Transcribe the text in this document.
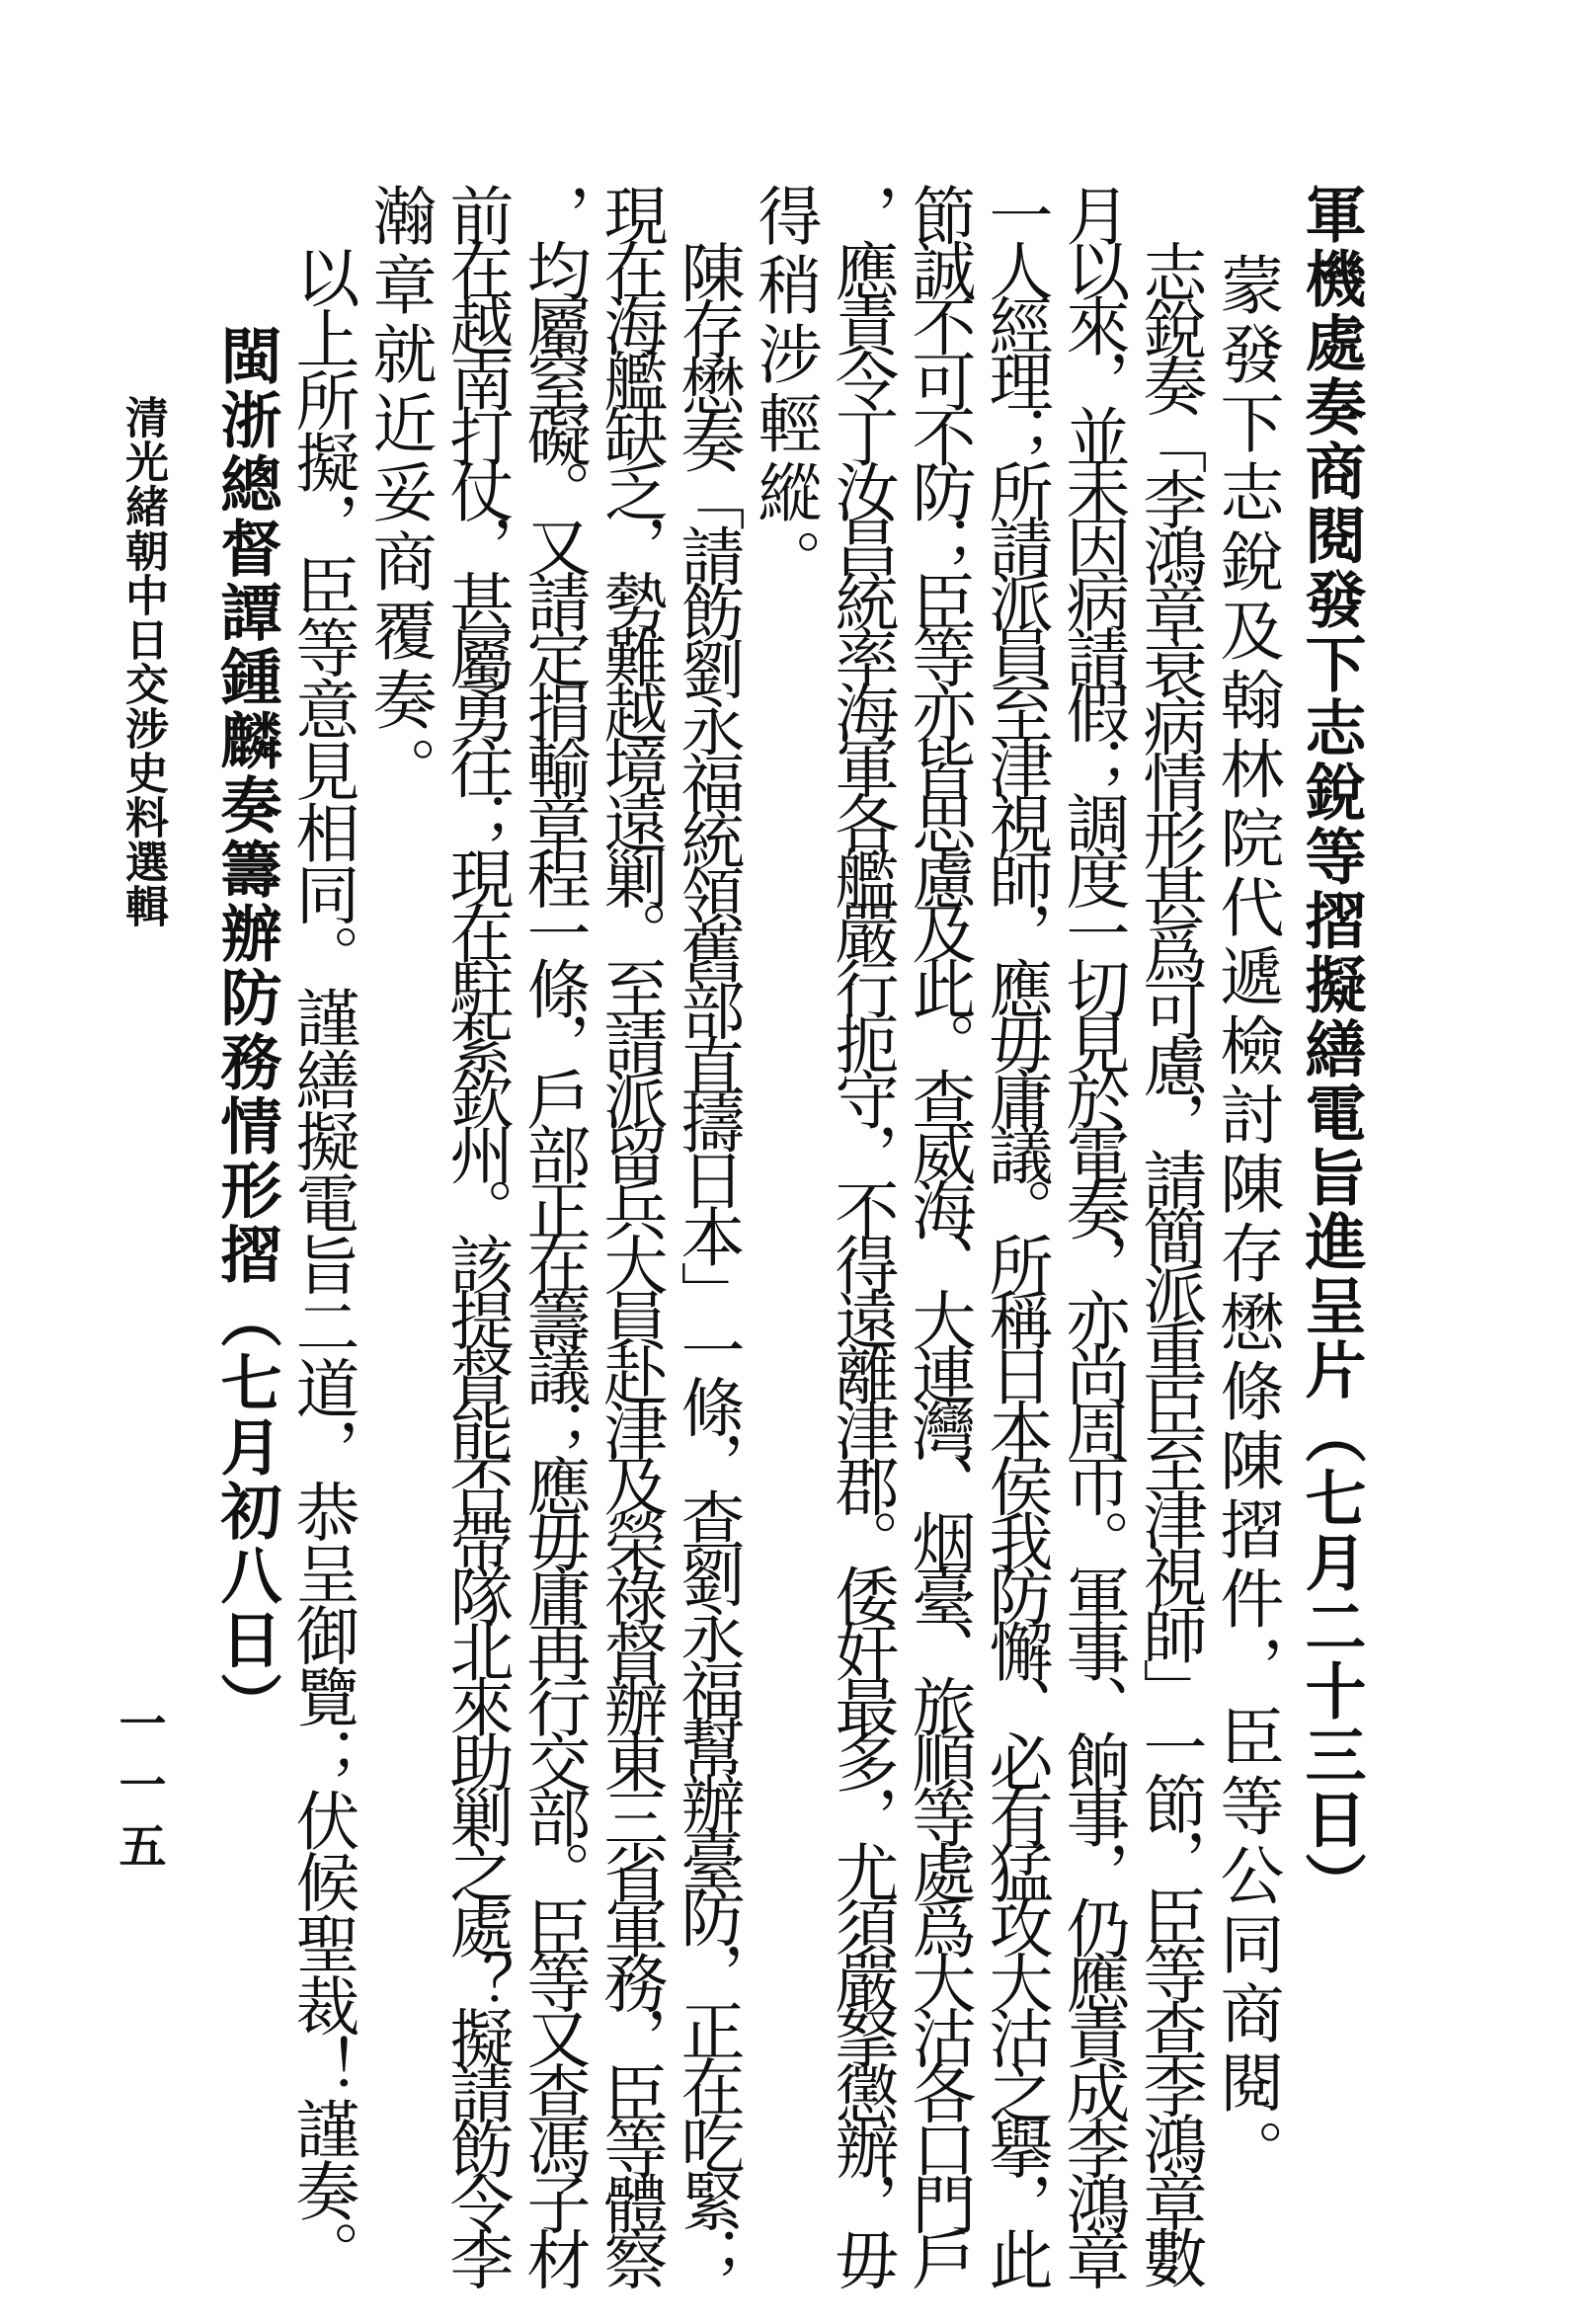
軍機處奏商閱發下志銳等摺擬繕電旨進呈片（七月二十三日）
　蒙發下志銳及翰林院代遞檢討陳存懋條陳摺件，臣等公同商閱。
　志銳奏「李鴻章衰病情形甚爲可慮，請簡派重臣至津視師」一節，臣等查李鴻章數
月以來，並未因病請假；調度一切見於電奏，亦尚周帀。軍事、餉事，仍應責成李鴻章
一人經理；所請派員至津視師，應毋庸議。所稱日本侯我防懈、必有猛攻大沽之擧，此
節誠不可不防；臣等亦皆思慮及此。查威海、大連灣、烟臺、旅順等處爲大沽各口門戶
，應責令丁汝昌統率海軍各艦嚴行扼守，不得遠離津郡。倭奸最多，尤須嚴拏懲辦，毋
得稍涉輕縱。
　陳存懋奏「請飭劉永福統領舊部直擣日本」一條，查劉永福幫辦臺防，正在吃緊；
現在海艦缺乏，勢難越境遠剿。至請派留兵大員赴津及榮祿督辦東三省軍務，臣等體察
，均屬窒礙。又請定捐輸章程一條，戶部正在籌議；應毋庸再行交部。臣等又查馮子材
前在越南打仗，甚屬勇往；現在駐紮欽州。該提督能否帶隊北來助剿之處？擬請飭令李
瀚章就近妥商覆奏。
　以上所擬，臣等意見相同。謹繕擬電旨二道，恭呈御覽；伏候聖裁！謹奏。
閩浙總督譚鍾麟奏籌辦防務情形摺（七月初八日）
清光緒朝中日交涉史料選輯
一一五
